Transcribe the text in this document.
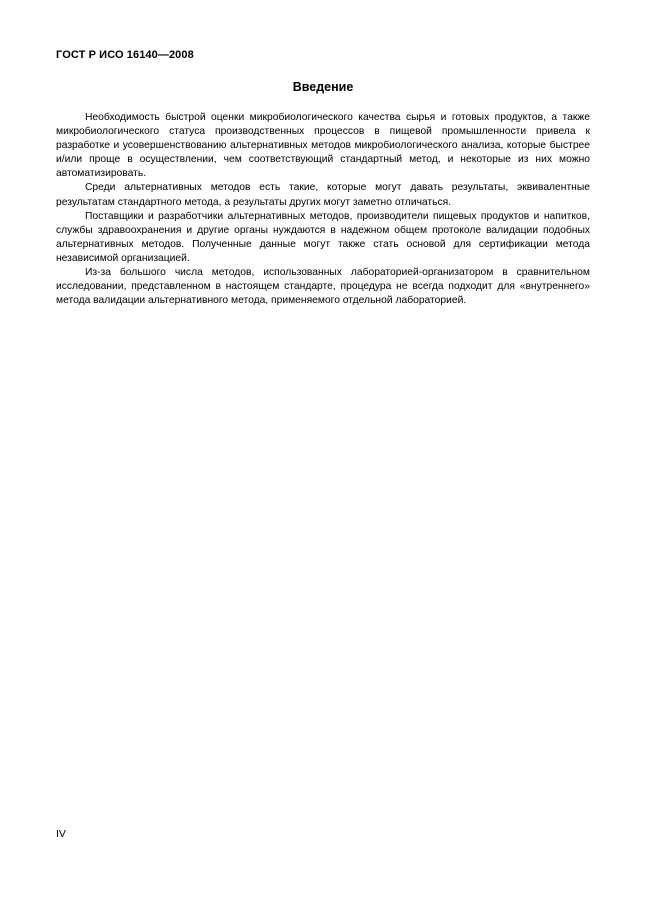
ГОСТ Р ИСО 16140—2008
Введение

Необходимость быстрой оценки микробиологического качества сырья и готовых продуктов, а также микробиологического статуса производственных процессов в пищевой промышленности привела к разработке и усовершенствованию альтернативных методов микробиологического анализа, которые быстрее и/или проще в осуществлении, чем соответствующий стандартный метод, и некоторые из них можно автоматизировать.

Среди альтернативных методов есть такие, которые могут давать результаты, эквивалентные результатам стандартного метода, а результаты других могут заметно отличаться.

Поставщики и разработчики альтернативных методов, производители пищевых продуктов и напитков, службы здравоохранения и другие органы нуждаются в надежном общем протоколе валидации подобных альтернативных методов. Полученные данные могут также стать основой для сертификации метода независимой организацией.

Из-за большого числа методов, использованных лабораторией-организатором в сравнительном исследовании, представленном в настоящем стандарте, процедура не всегда подходит для «внутреннего» метода валидации альтернативного метода, применяемого отдельной лабораторией.

IV
